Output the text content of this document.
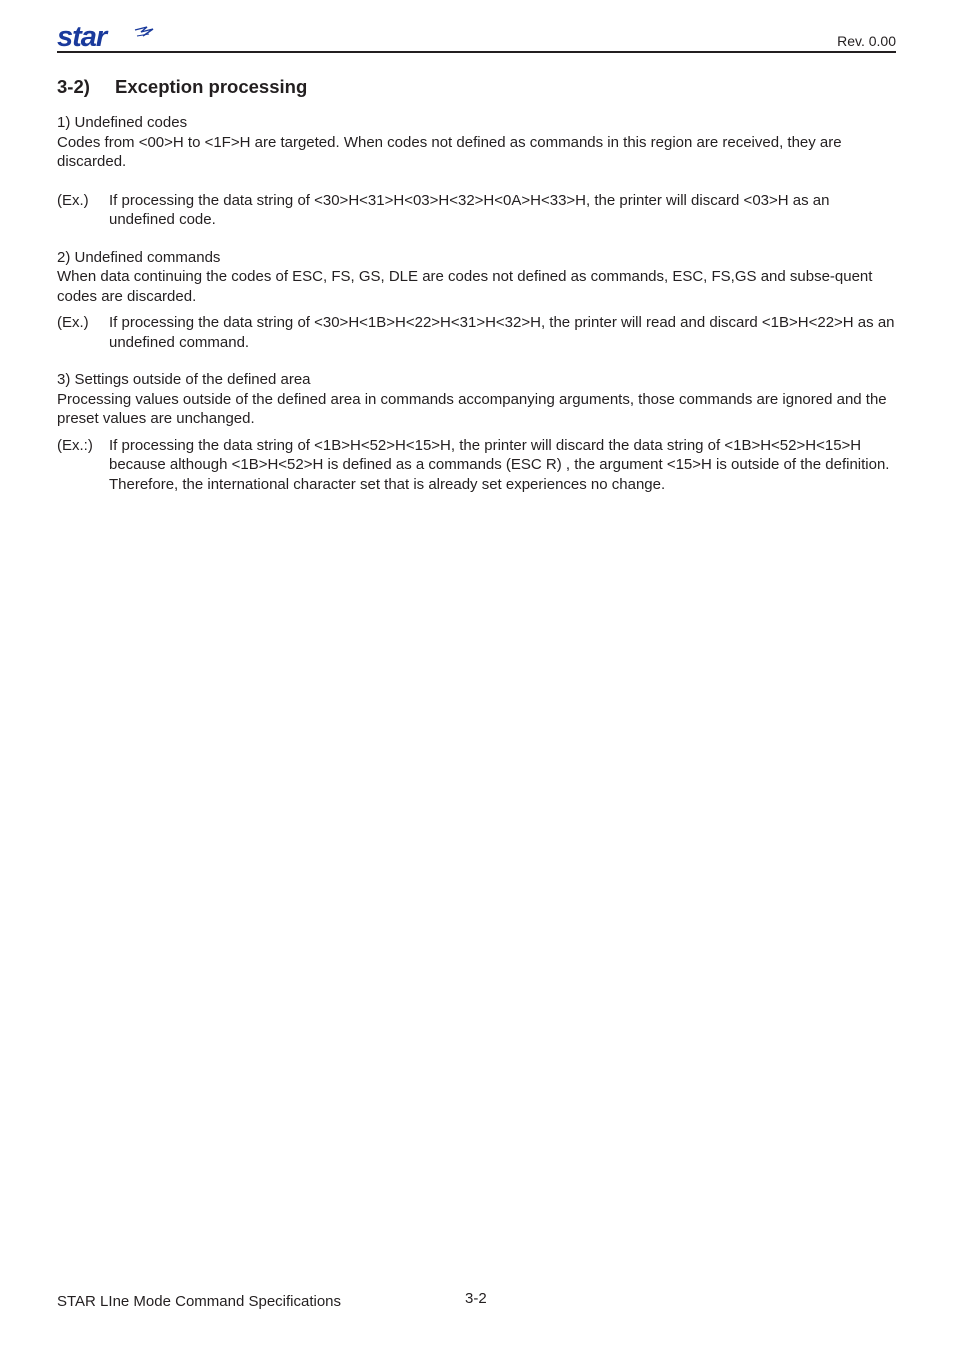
star	Rev. 0.00
3-2) Exception processing

1) Undefined codes

Codes from <00>H to <1F>H are targeted. When codes not defined as commands in this region are received, they are discarded.

(Ex.)	If processing the data string of <30>H<31>H<03>H<32>H<0A>H<33>H, the printer will discard <03>H as an undefined code.

2) Undefined commands

When data continuing the codes of ESC, FS, GS, DLE are codes not defined as commands, ESC, FS,GS and subse-quent codes are discarded.

(Ex.)	If processing the data string of <30>H<1B>H<22>H<31>H<32>H, the printer will read and discard <1B>H<22>H as an undefined command.

3) Settings outside of the defined area

Processing values outside of the defined area in commands accompanying arguments, those commands are ignored and the preset values are unchanged.

(Ex.:)	If processing the data string of <1B>H<52>H<15>H, the printer will discard the data string of <1B>H<52>H<15>H because although <1B>H<52>H is defined as a commands (ESC R) , the argument <15>H is outside of the definition. Therefore, the international character set that is already set experiences no change.
STAR LIne Mode Command Specifications	3-2
